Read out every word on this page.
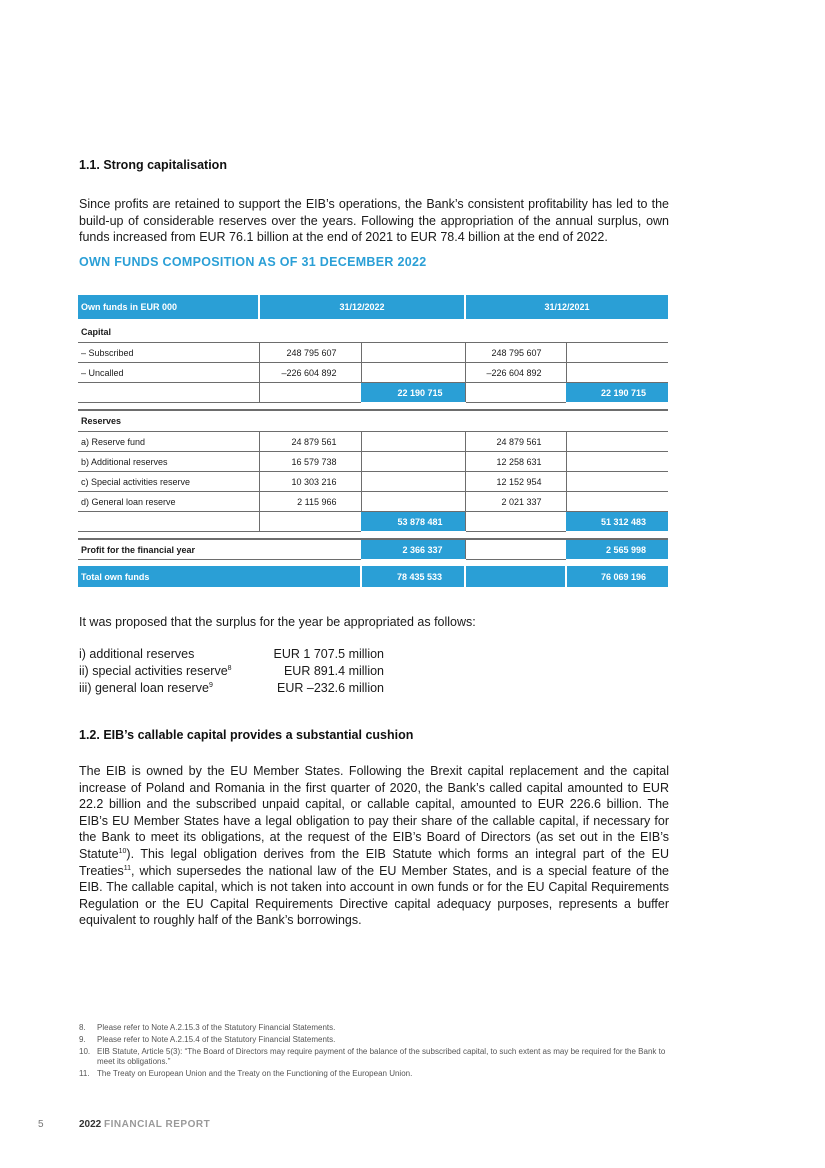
1.1. Strong capitalisation

Since profits are retained to support the EIB’s operations, the Bank’s consistent profitability has led to the build-up of considerable reserves over the years. Following the appropriation of the annual surplus, own funds increased from EUR 76.1 billion at the end of 2021 to EUR 78.4 billion at the end of 2022.

OWN FUNDS COMPOSITION AS OF 31 DECEMBER 2022
Own funds in EUR 000	31/12/2022		31/12/2021	
Capital				
– Subscribed	248 795 607		248 795 607	
– Uncalled	–226 604 892		–226 604 892	
		22 190 715		22 190 715

Reserves				
a) Reserve fund	24 879 561		24 879 561	
b) Additional reserves	16 579 738		12 258 631	
c) Special activities reserve	10 303 216		12 152 954	
d) General loan reserve	2 115 966		2 021 337	
		53 878 481		51 312 483

Profit for the financial year		2 366 337		2 565 998

Total own funds		78 435 533		76 069 196

It was proposed that the surplus for the year be appropriated as follows:

i) additional reserves	EUR 1 707.5 million
ii) special activities reserve$^8$	EUR 891.4 million
iii) general loan reserve$^9$	EUR –232.6 million
1.2. EIB’s callable capital provides a substantial cushion

The EIB is owned by the EU Member States. Following the Brexit capital replacement and the capital increase of Poland and Romania in the first quarter of 2020, the Bank’s called capital amounted to EUR 22.2 billion and the subscribed unpaid capital, or callable capital, amounted to EUR 226.6 billion. The EIB’s EU Member States have a legal obligation to pay their share of the callable capital, if necessary for the Bank to meet its obligations, at the request of the EIB’s Board of Directors (as set out in the EIB’s Statute$^{10}$). This legal obligation derives from the EIB Statute which forms an integral part of the EU Treaties$^{11}$, which supersedes the national law of the EU Member States, and is a special feature of the EIB. The callable capital, which is not taken into account in own funds or for the EU Capital Requirements Regulation or the EU Capital Requirements Directive capital adequacy purposes, represents a buffer equivalent to roughly half of the Bank’s borrowings.

8. Please refer to Note A.2.15.3 of the Statutory Financial Statements.
9. Please refer to Note A.2.15.4 of the Statutory Financial Statements.
10. EIB Statute, Article 5(3): “The Board of Directors may require payment of the balance of the subscribed capital, to such extent as may be required for the Bank to meet its obligations.”
11. The Treaty on European Union and the Treaty on the Functioning of the European Union.
5	2022 FINANCIAL REPORT
